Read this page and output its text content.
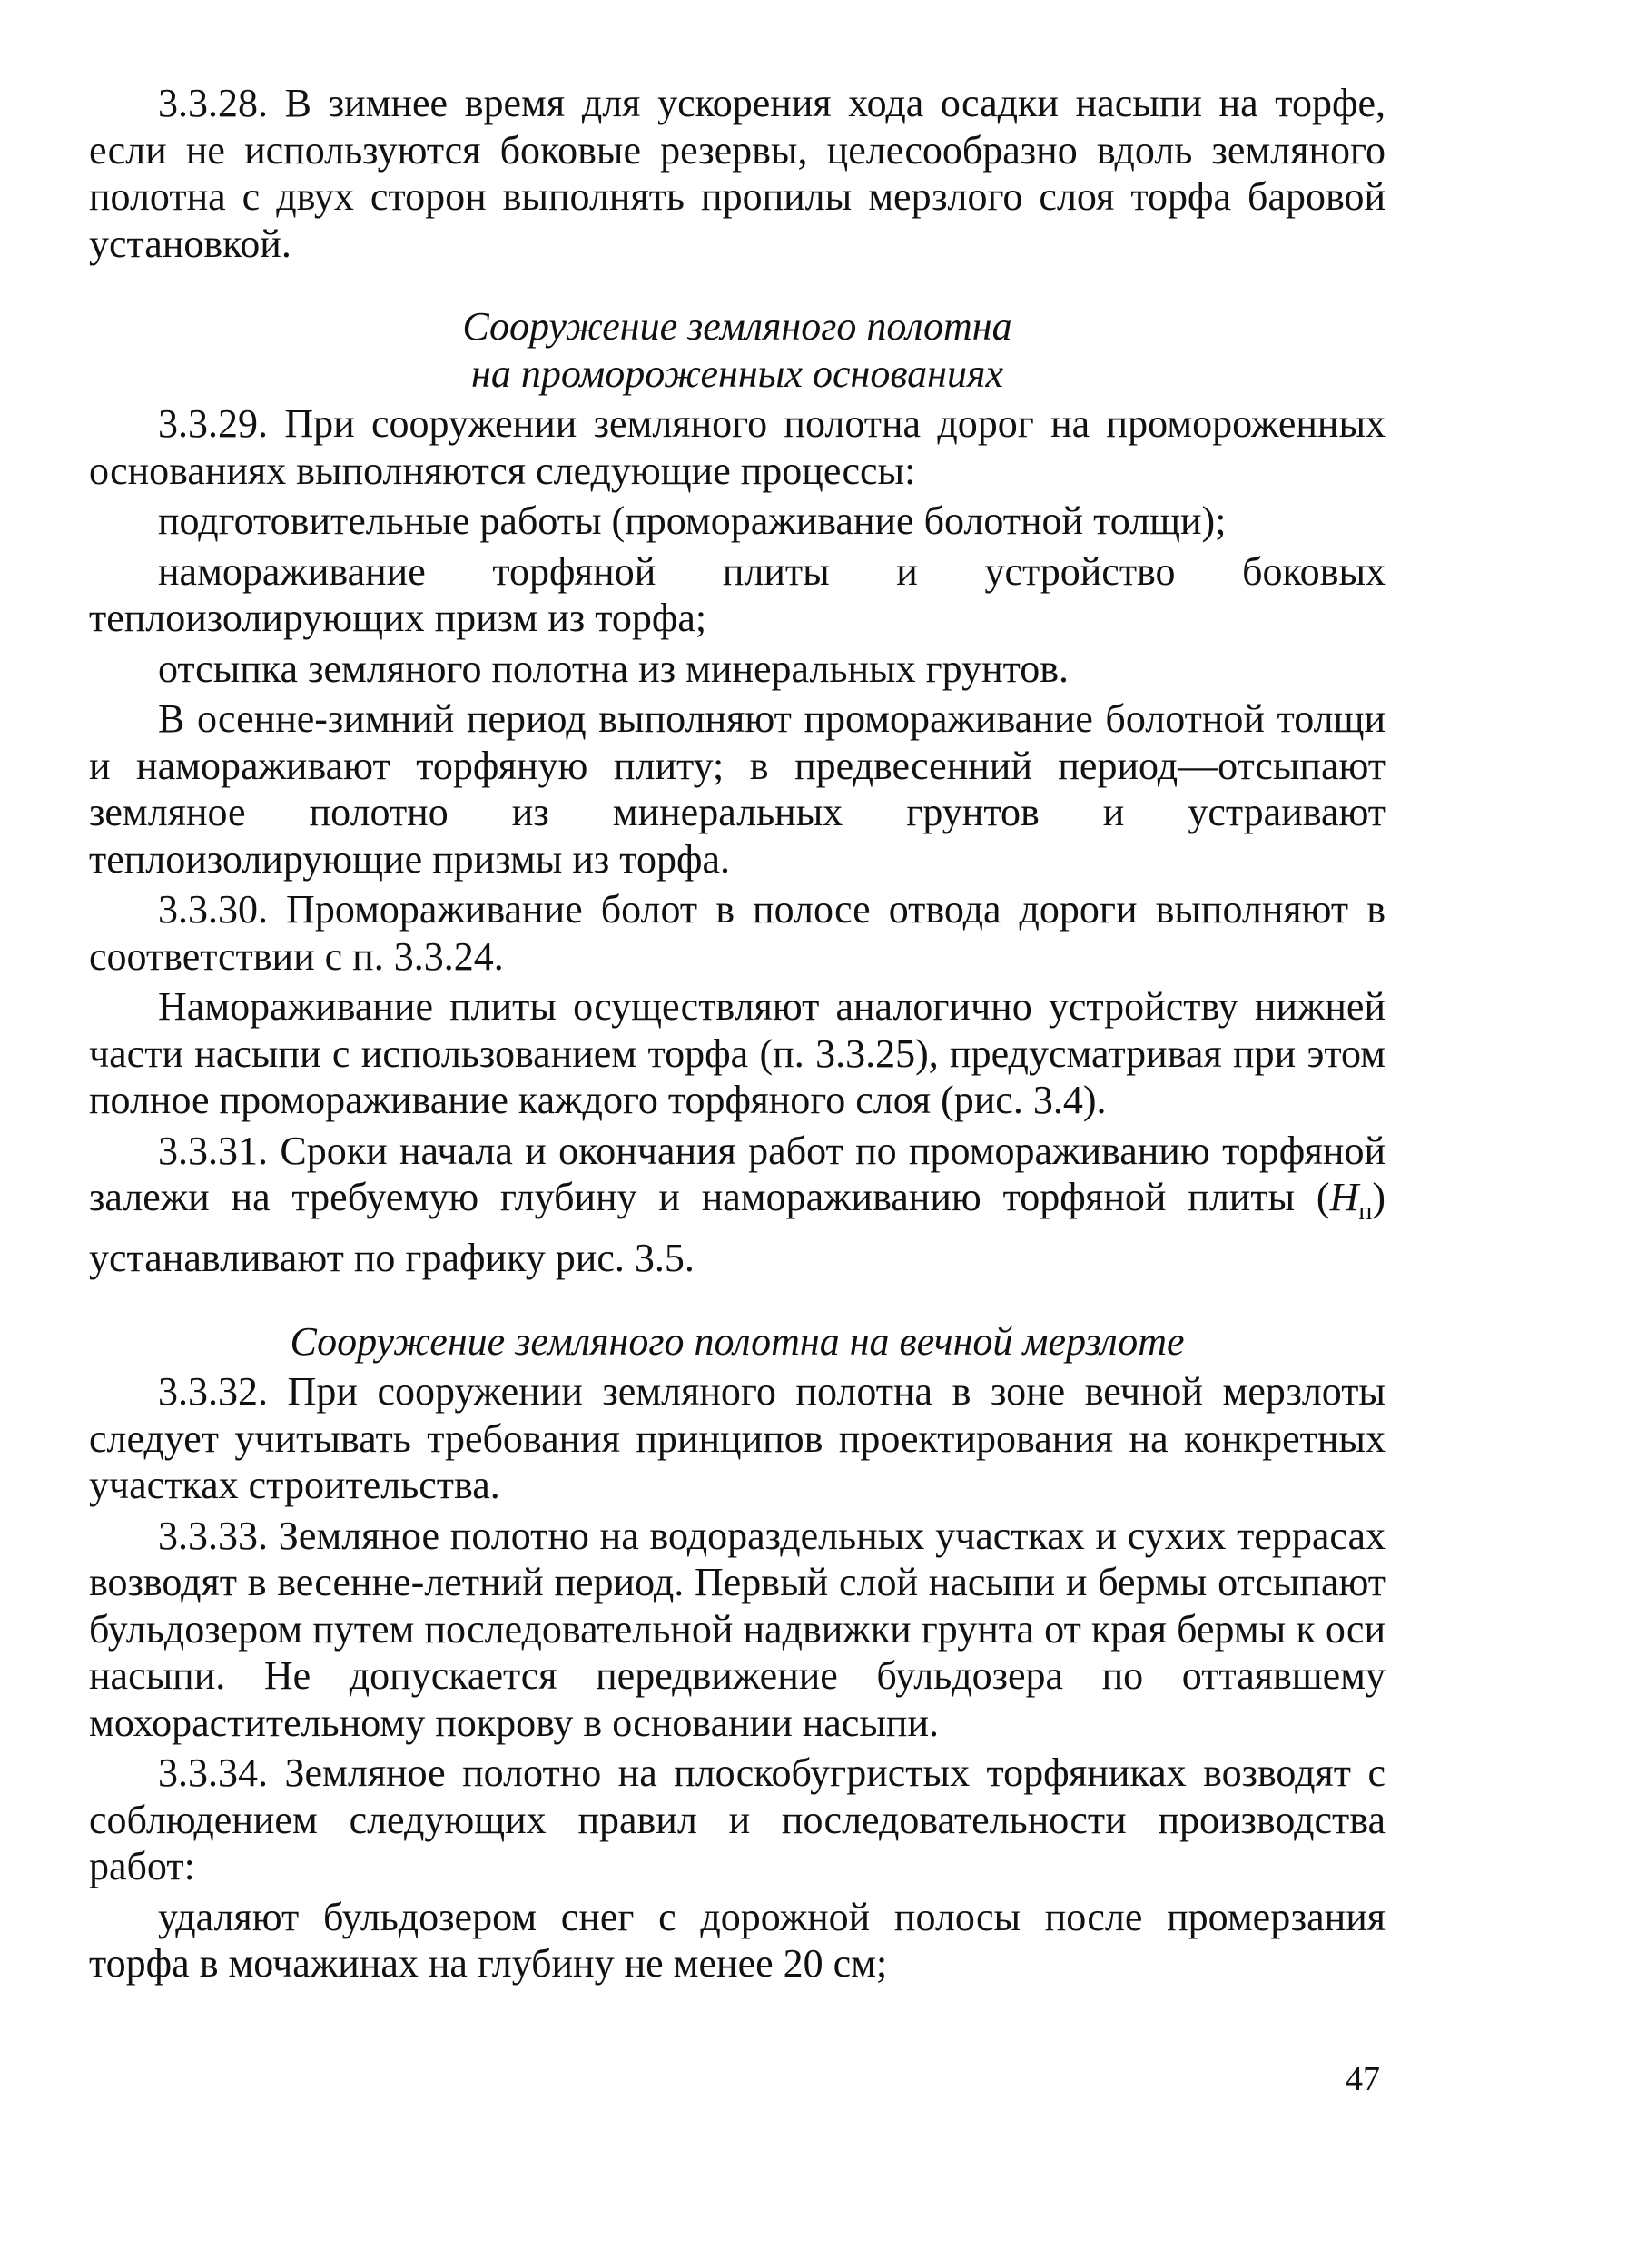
3.3.28. В зимнее время для ускорения хода осадки насыпи на торфе, если не используются боковые резервы, целесообразно вдоль земляного полотна с двух сторон выполнять пропилы мерзлого слоя торфа баровой установкой.

Сооружение земляного полотна
на промороженных основаниях

3.3.29. При сооружении земляного полотна дорог на промороженных основаниях выполняются следующие процессы:

подготовительные работы (промораживание болотной толщи);

намораживание торфяной плиты и устройство боковых теплоизолирующих призм из торфа;

отсыпка земляного полотна из минеральных грунтов.

В осенне-зимний период выполняют промораживание болотной толщи и намораживают торфяную плиту; в предвесенний период—отсыпают земляное полотно из минеральных грунтов и устраивают теплоизолирующие призмы из торфа.

3.3.30. Промораживание болот в полосе отвода дороги выполняют в соответствии с п. 3.3.24.

Намораживание плиты осуществляют аналогично устройству нижней части насыпи с использованием торфа (п. 3.3.25), предусматривая при этом полное промораживание каждого торфяного слоя (рис. 3.4).

3.3.31. Сроки начала и окончания работ по промораживанию торфяной залежи на требуемую глубину и намораживанию торфяной плиты $(H_п)$ устанавливают по графику рис. 3.5.

Сооружение земляного полотна на вечной мерзлоте

3.3.32. При сооружении земляного полотна в зоне вечной мерзлоты следует учитывать требования принципов проектирования на конкретных участках строительства.

3.3.33. Земляное полотно на водораздельных участках и сухих террасах возводят в весенне-летний период. Первый слой насыпи и бермы отсыпают бульдозером путем последовательной надвижки грунта от края бермы к оси насыпи. Не допускается передвижение бульдозера по оттаявшему мохорастительному покрову в основании насыпи.

3.3.34. Земляное полотно на плоскобугристых торфяниках возводят с соблюдением следующих правил и последовательности производства работ:

удаляют бульдозером снег с дорожной полосы после промерзания торфа в мочажинах на глубину не менее 20 см;

47
